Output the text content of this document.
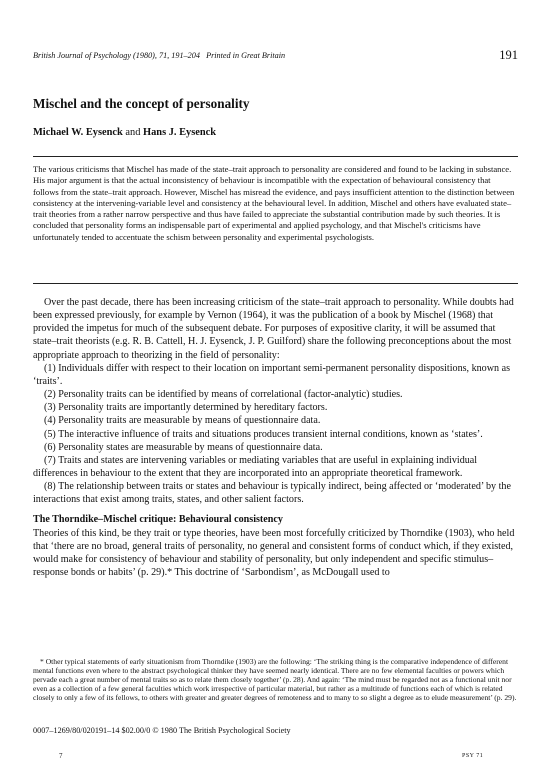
British Journal of Psychology (1980), 71, 191–204 Printed in Great Britain	191
Mischel and the concept of personality
Michael W. Eysenck and Hans J. Eysenck
The various criticisms that Mischel has made of the state–trait approach to personality are considered and found to be lacking in substance. His major argument is that the actual inconsistency of behaviour is incompatible with the expectation of behavioural consistency that follows from the state–trait approach. However, Mischel has misread the evidence, and pays insufficient attention to the distinction between consistency at the intervening-variable level and consistency at the behavioural level. In addition, Mischel and others have evaluated state–trait theories from a rather narrow perspective and thus have failed to appreciate the substantial contribution made by such theories. It is concluded that personality forms an indispensable part of experimental and applied psychology, and that Mischel's criticisms have unfortunately tended to accentuate the schism between personality and experimental psychologists.

Over the past decade, there has been increasing criticism of the state–trait approach to personality. While doubts had been expressed previously, for example by Vernon (1964), it was the publication of a book by Mischel (1968) that provided the impetus for much of the subsequent debate. For purposes of expositive clarity, it will be assumed that state–trait theorists (e.g. R. B. Cattell, H. J. Eysenck, J. P. Guilford) share the following preconceptions about the most appropriate approach to theorizing in the field of personality:

(1) Individuals differ with respect to their location on important semi-permanent personality dispositions, known as ‘traits’.

(2) Personality traits can be identified by means of correlational (factor-analytic) studies.

(3) Personality traits are importantly determined by hereditary factors.

(4) Personality traits are measurable by means of questionnaire data.

(5) The interactive influence of traits and situations produces transient internal conditions, known as ‘states’.

(6) Personality states are measurable by means of questionnaire data.

(7) Traits and states are intervening variables or mediating variables that are useful in explaining individual differences in behaviour to the extent that they are incorporated into an appropriate theoretical framework.

(8) The relationship between traits or states and behaviour is typically indirect, being affected or ‘moderated’ by the interactions that exist among traits, states, and other salient factors.

The Thorndike–Mischel critique: Behavioural consistency

Theories of this kind, be they trait or type theories, have been most forcefully criticized by Thorndike (1903), who held that ‘there are no broad, general traits of personality, no general and consistent forms of conduct which, if they existed, would make for consistency of behaviour and stability of personality, but only independent and specific stimulus–response bonds or habits’ (p. 29).* This doctrine of ‘Sarbondism’, as McDougall used to

* Other typical statements of early situationism from Thorndike (1903) are the following: ‘The striking thing is the comparative independence of different mental functions even where to the abstract psychological thinker they have seemed nearly identical. There are no few elemental faculties or powers which pervade each a great number of mental traits so as to relate them closely together’ (p. 28). And again: ‘The mind must be regarded not as a functional unit nor even as a collection of a few general faculties which work irrespective of particular material, but rather as a multitude of functions each of which is related closely to only a few of its fellows, to others with greater and greater degrees of remoteness and to many to so slight a degree as to elude measurement’ (p. 29).
0007–1269/80/020191–14 $02.00/0 © 1980 The British Psychological Society
7	PSY 71
